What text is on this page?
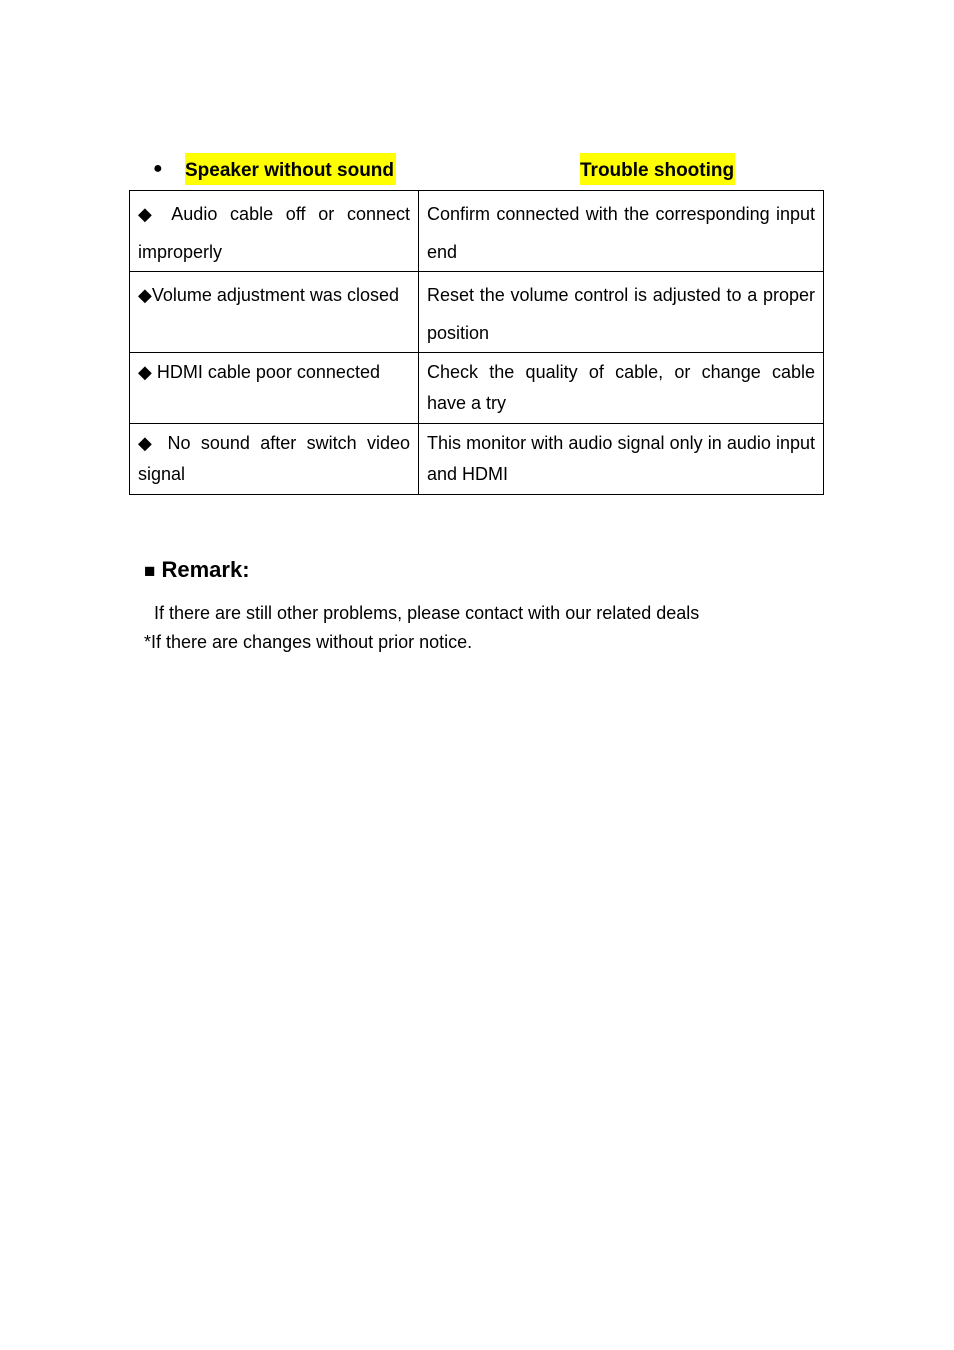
● Speaker without sound	Trouble shooting
◆ Audio cable off or connect improperly	Confirm connected with the corresponding input end
◆Volume adjustment was closed	Reset the volume control is adjusted to a proper position
◆ HDMI cable poor connected	Check the quality of cable, or change cable have a try
◆ No sound after switch video signal	This monitor with audio signal only in audio input and HDMI
■ Remark:
If there are still other problems, please contact with our related deals
*If there are changes without prior notice.
